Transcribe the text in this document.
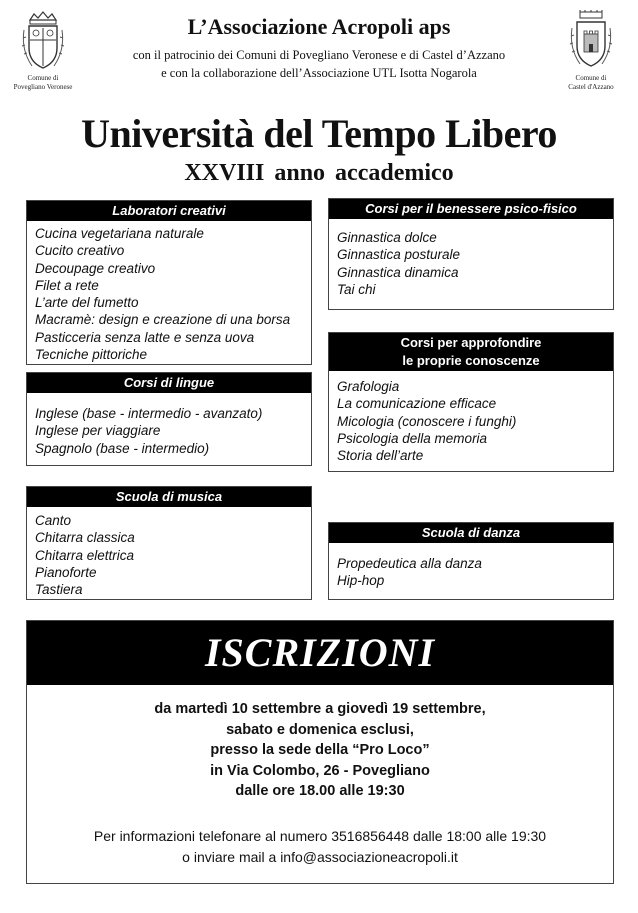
Comune di
Povegliano Veronese
Comune di
Castel d'Azzano
L’Associazione Acropoli aps
con il patrocinio dei Comuni di Povegliano Veronese e di Castel d’Azzano
e con la collaborazione dell’Associazione UTL Isotta Nogarola
Università del Tempo Libero
XXVIII anno accademico
Laboratori creativi
Cucina vegetariana naturale
Cucito creativo
Decoupage creativo
Filet a rete
L’arte del fumetto
Macramè: design e creazione di una borsa
Pasticceria senza latte e senza uova
Tecniche pittoriche
Corsi per il benessere psico-fisico
Ginnastica dolce
Ginnastica posturale
Ginnastica dinamica
Tai chi
Corsi per approfondire
le proprie conoscenze
Grafologia
La comunicazione efficace
Micologia (conoscere i funghi)
Psicologia della memoria
Storia dell’arte
Corsi di lingue
Inglese (base - intermedio - avanzato)
Inglese per viaggiare
Spagnolo (base - intermedio)
Scuola di musica
Canto
Chitarra classica
Chitarra elettrica
Pianoforte
Tastiera
Scuola di danza
Propedeutica alla danza
Hip-hop
ISCRIZIONI
da martedì 10 settembre a giovedì 19 settembre,
sabato e domenica esclusi,
presso la sede della “Pro Loco”
in Via Colombo, 26 - Povegliano
dalle ore 18.00 alle 19:30
Per informazioni telefonare al numero 3516856448 dalle 18:00 alle 19:30
o inviare mail a info@associazioneacropoli.it
